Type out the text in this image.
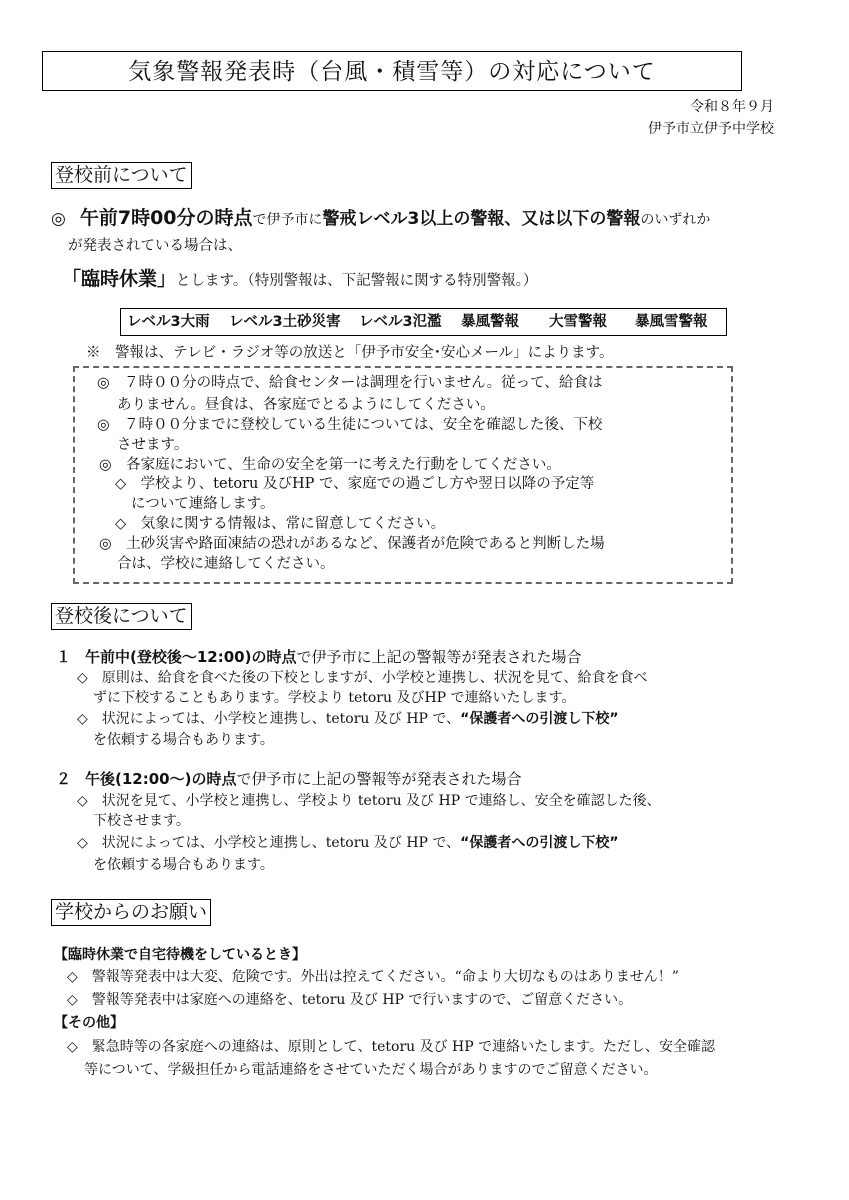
気象警報発表時（台風・積雪等）の対応について
令和８年９月
伊予市立伊予中学校
登校前について
◎ 午前7時00分の時点で伊予市に警戒レベル3以上の警報、又は以下の警報のいずれか
が発表されている場合は、
「臨時休業」とします。（特別警報は、下記警報に関する特別警報。）
レベル3大雨 レベル3土砂災害 レベル3氾濫 暴風警報 大雪警報 暴風雪警報
※　警報は、テレビ・ラジオ等の放送と「伊予市安全･安心メール」によります。
◎　７時００分の時点で、給食センターは調理を行いません。従って、給食は
ありません。昼食は、各家庭でとるようにしてください。
◎　７時００分までに登校している生徒については、安全を確認した後、下校
させます。
◎　各家庭において、生命の安全を第一に考えた行動をしてください。
◇　学校より、tetoru 及びHP で、家庭での過ごし方や翌日以降の予定等
について連絡します。
◇　気象に関する情報は、常に留意してください。
◎　土砂災害や路面凍結の恐れがあるなど、保護者が危険であると判断した場
合は、学校に連絡してください。
登校後について
１ 午前中(登校後～12:00)の時点で伊予市に上記の警報等が発表された場合
◇　原則は、給食を食べた後の下校としますが、小学校と連携し、状況を見て、給食を食べ
ずに下校することもあります。学校より tetoru 及びHP で連絡いたします。
◇　状況によっては、小学校と連携し、tetoru 及び HP で、“保護者への引渡し下校”
を依頼する場合もあります。
２ 午後(12:00～)の時点で伊予市に上記の警報等が発表された場合
◇　状況を見て、小学校と連携し、学校より tetoru 及び HP で連絡し、安全を確認した後、
下校させます。
◇　状況によっては、小学校と連携し、tetoru 及び HP で、“保護者への引渡し下校”
を依頼する場合もあります。
学校からのお願い
【臨時休業で自宅待機をしているとき】
◇　警報等発表中は大変、危険です。外出は控えてください。“命より大切なものはありません！”
◇　警報等発表中は家庭への連絡を、tetoru 及び HP で行いますので、ご留意ください。
【その他】
◇　緊急時等の各家庭への連絡は、原則として、tetoru 及び HP で連絡いたします。ただし、安全確認
等について、学級担任から電話連絡をさせていただく場合がありますのでご留意ください。
